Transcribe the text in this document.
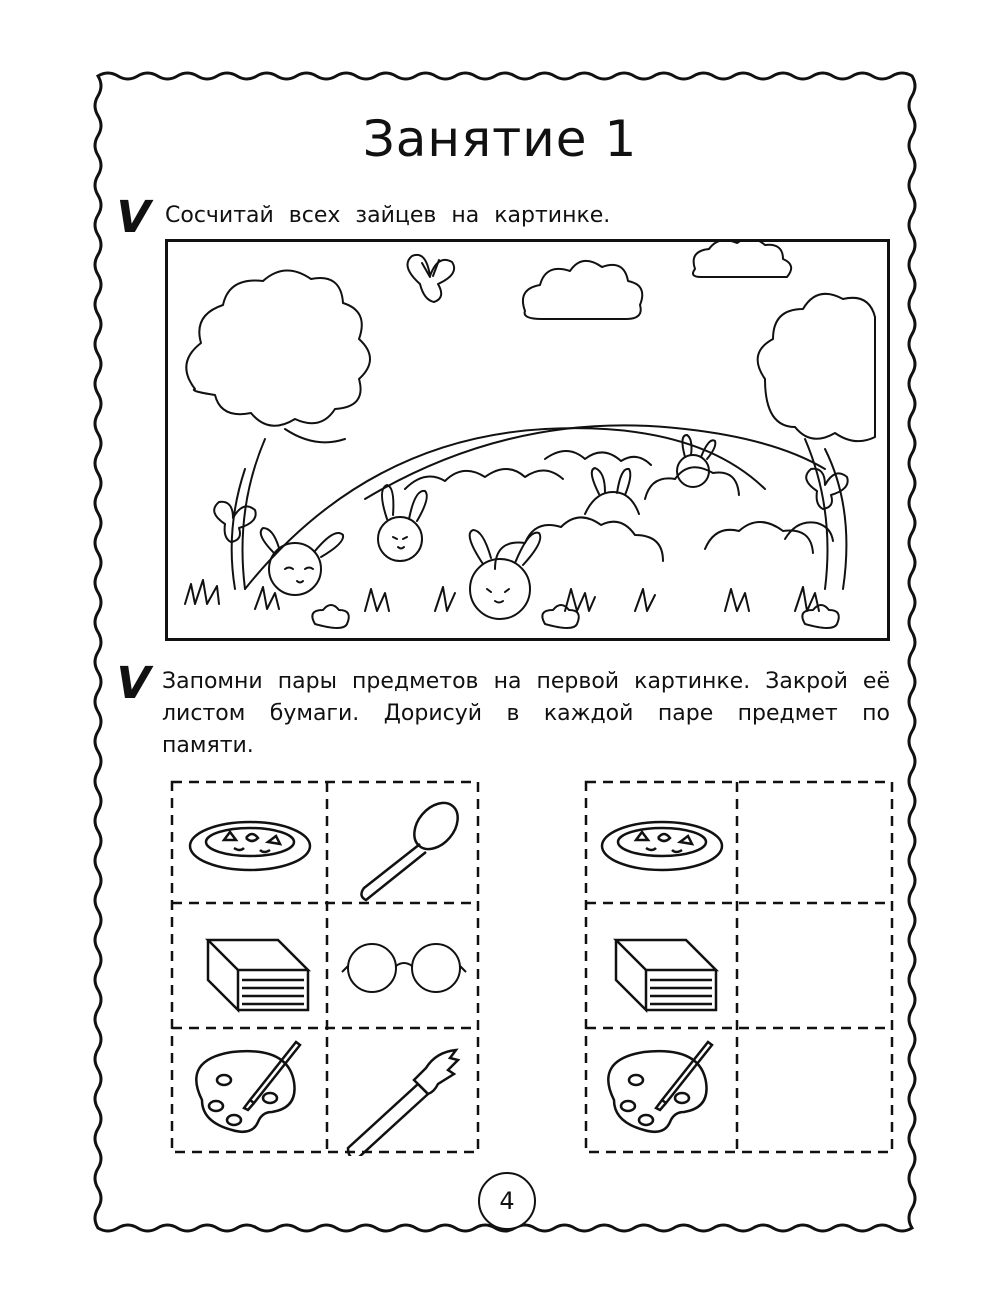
Занятие 1
V Сосчитай всех зайцев на картинке.
V Запомни пары предметов на первой картинке. Закрой её листом бумаги. Дорисуй в каждой паре предмет по памяти.
4
